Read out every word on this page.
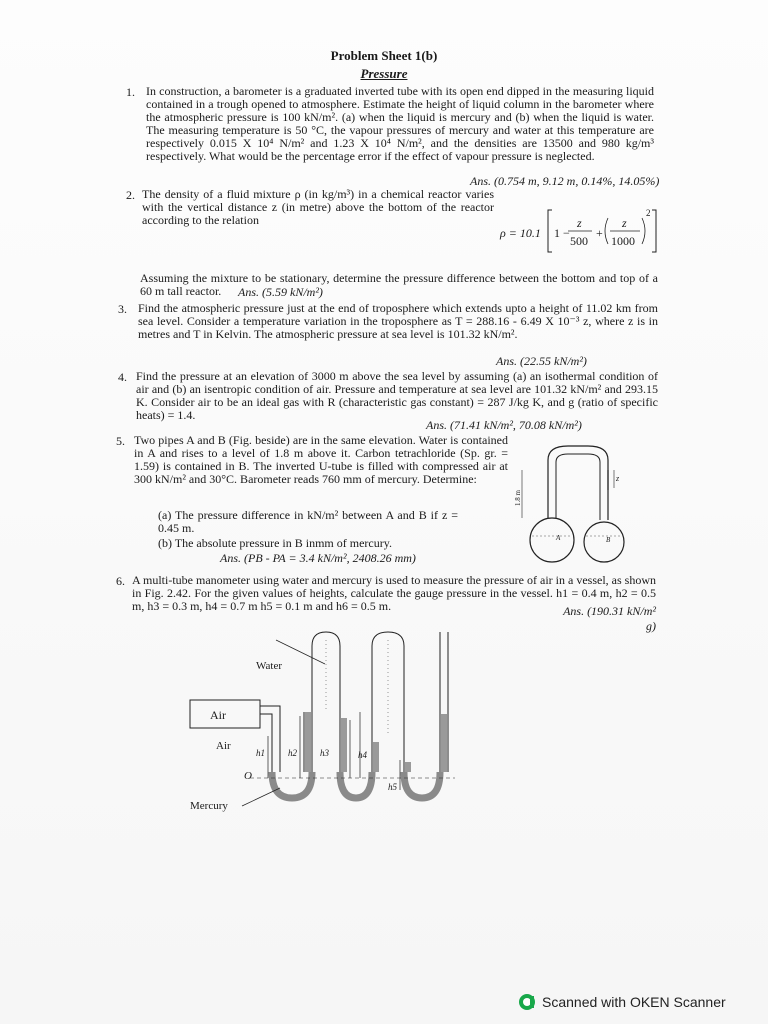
Problem Sheet 1(b)
Pressure
1. In construction, a barometer is a graduated inverted tube with its open end dipped in the measuring liquid contained in a trough opened to atmosphere. Estimate the height of liquid column in the barometer where the atmospheric pressure is 100 kN/m². (a) when the liquid is mercury and (b) when the liquid is water. The measuring temperature is 50 °C, the vapour pressures of mercury and water at this temperature are respectively 0.015 X 10⁴ N/m² and 1.23 X 10⁴ N/m², and the densities are 13500 and 980 kg/m³ respectively. What would be the percentage error if the effect of vapour pressure is neglected.
Ans. (0.754 m, 9.12 m, 0.14%, 14.05%)
2. The density of a fluid mixture ρ (in kg/m³) in a chemical reactor varies with the vertical distance z (in metre) above the bottom of the reactor according to the relation
ρ = 10.1 1 −
z
500
+
z
1000
2
Assuming the mixture to be stationary, determine the pressure difference between the bottom and top of a 60 m tall reactor.	Ans. (5.59 kN/m²)
3. Find the atmospheric pressure just at the end of troposphere which extends upto a height of 11.02 km from sea level. Consider a temperature variation in the troposphere as T = 288.16 - 6.49 X 10⁻³ z, where z is in metres and T in Kelvin. The atmospheric pressure at sea level is 101.32 kN/m².
Ans. (22.55 kN/m²)
4. Find the pressure at an elevation of 3000 m above the sea level by assuming (a) an isothermal condition of air and (b) an isentropic condition of air. Pressure and temperature at sea level are 101.32 kN/m² and 293.15 K. Consider air to be an ideal gas with R (characteristic gas constant) = 287 J/kg K, and g (ratio of specific heats) = 1.4.
Ans. (71.41 kN/m², 70.08 kN/m²)
5. Two pipes A and B (Fig. beside) are in the same elevation. Water is contained in A and rises to a level of 1.8 m above it. Carbon tetrachloride (Sp. gr. = 1.59) is contained in B. The inverted U-tube is filled with compressed air at 300 kN/m² and 30°C. Barometer reads 760 mm of mercury. Determine:
(a) The pressure difference in kN/m² between A and B if z = 0.45 m.
(b) The absolute pressure in B inmm of mercury.
Ans. (PB - PA = 3.4 kN/m², 2408.26 mm)
1.8 m
z
A	B
6. A multi-tube manometer using water and mercury is used to measure the pressure of air in a vessel, as shown in Fig. 2.42. For the given values of heights, calculate the gauge pressure in the vessel. h1 = 0.4 m, h2 = 0.5 m, h3 = 0.3 m, h4 = 0.7 m h5 = 0.1 m and h6 = 0.5 m.	Ans. (190.31 kN/m² g)
Water
Air
Air
O
Mercury
h1	h2	h3	h4
h5
Scanned with OKEN Scanner
